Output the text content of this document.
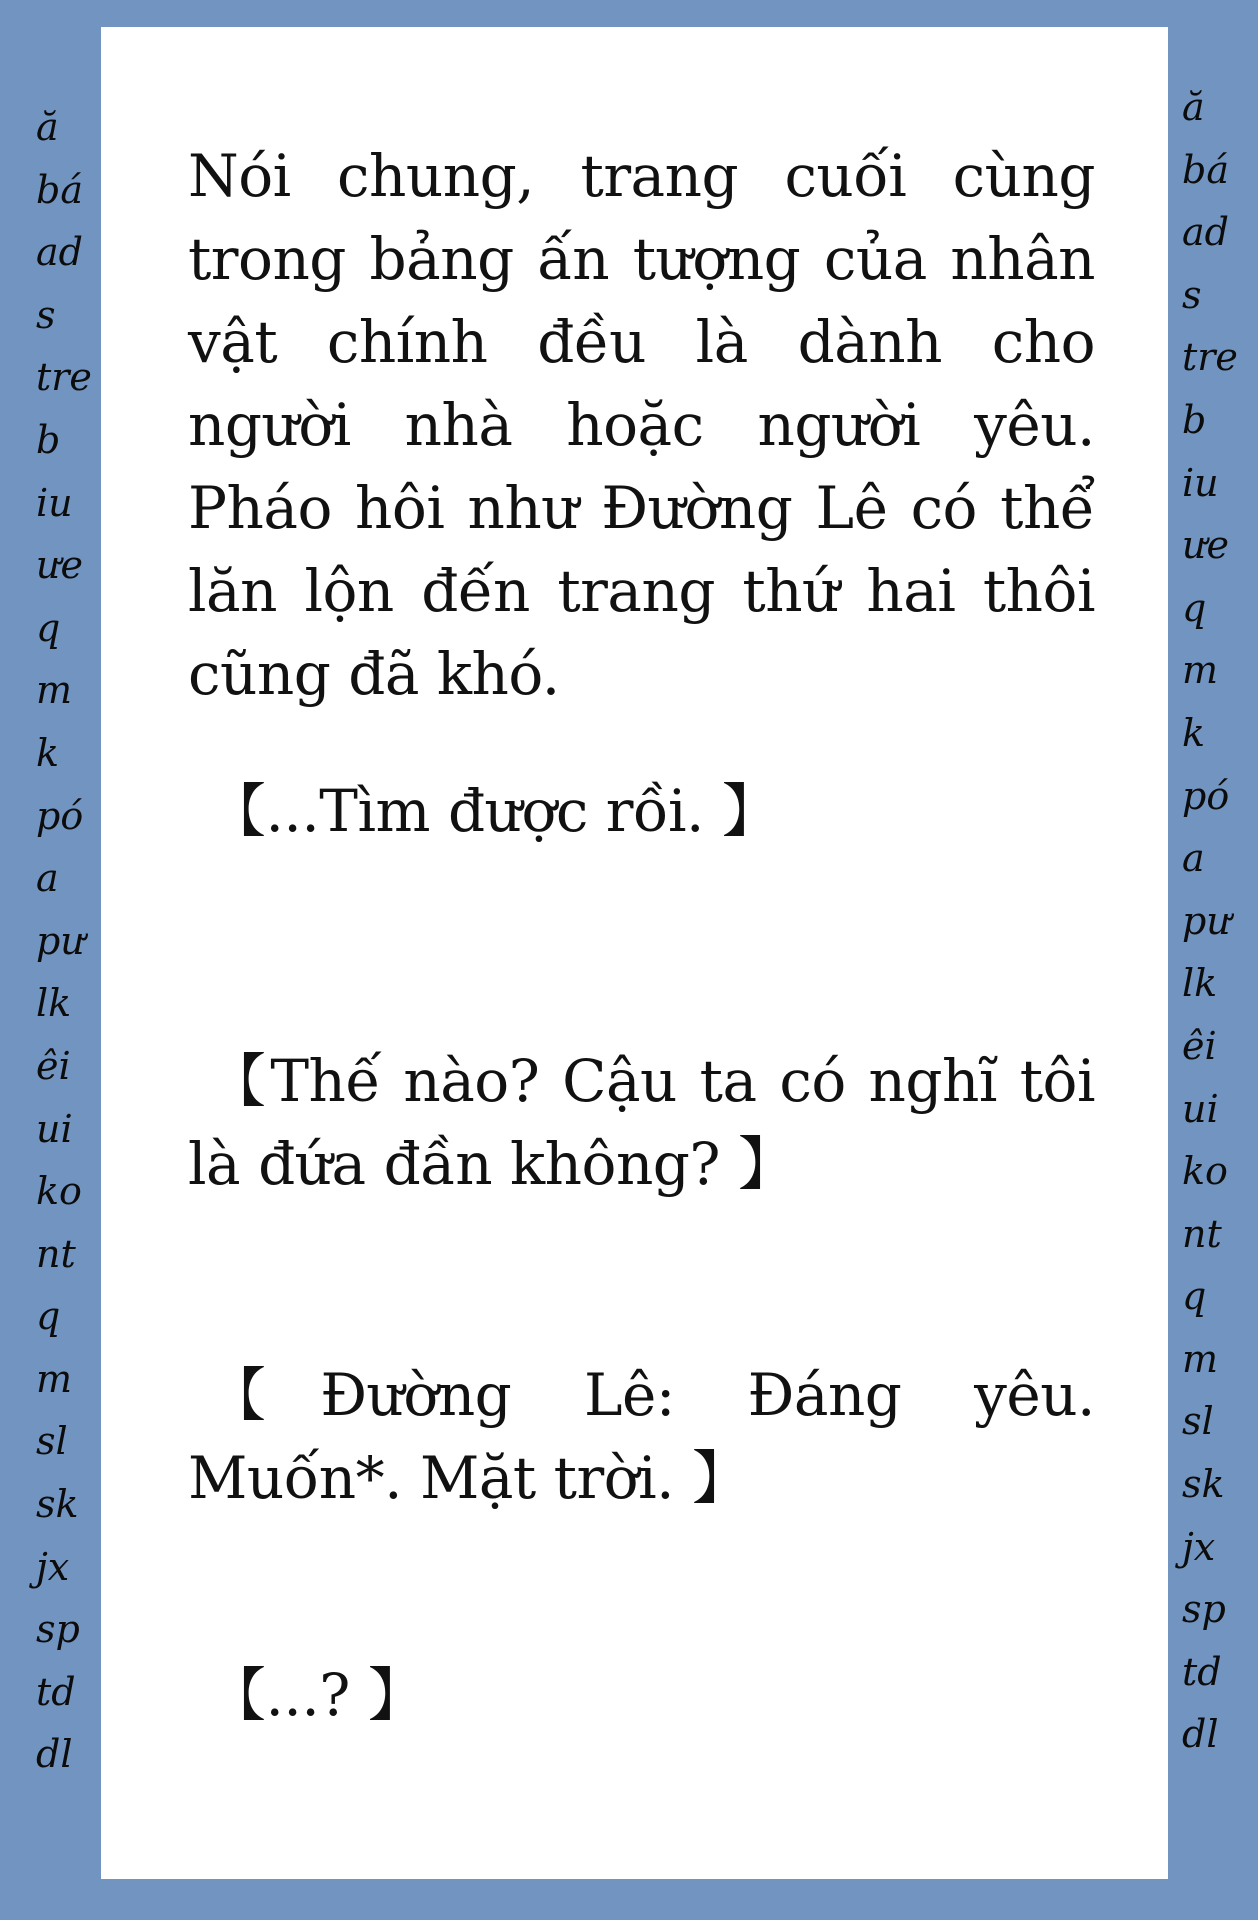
ă
bá
ad
s
tre
b
iu
ưe
q
m
k
pó
a
pư
lk
êi
ui
ko
nt
q
m
sl
sk
jx
sp
td
dl
ă
bá
ad
s
tre
b
iu
ưe
q
m
k
pó
a
pư
lk
êi
ui
ko
nt
q
m
sl
sk
jx
sp
td
dl

Nói chung, trang cuối cùng trong bảng ấn tượng của nhân vật chính đều là dành cho người nhà hoặc người yêu. Pháo hôi như Đường Lê có thể lăn lộn đến trang thứ hai thôi cũng đã khó.

【...Tìm được rồi. 】

【Thế nào? Cậu ta có nghĩ tôi là đứa đần không? 】

【Đường Lê: Đáng yêu. Muốn*. Mặt trời. 】

【...? 】
